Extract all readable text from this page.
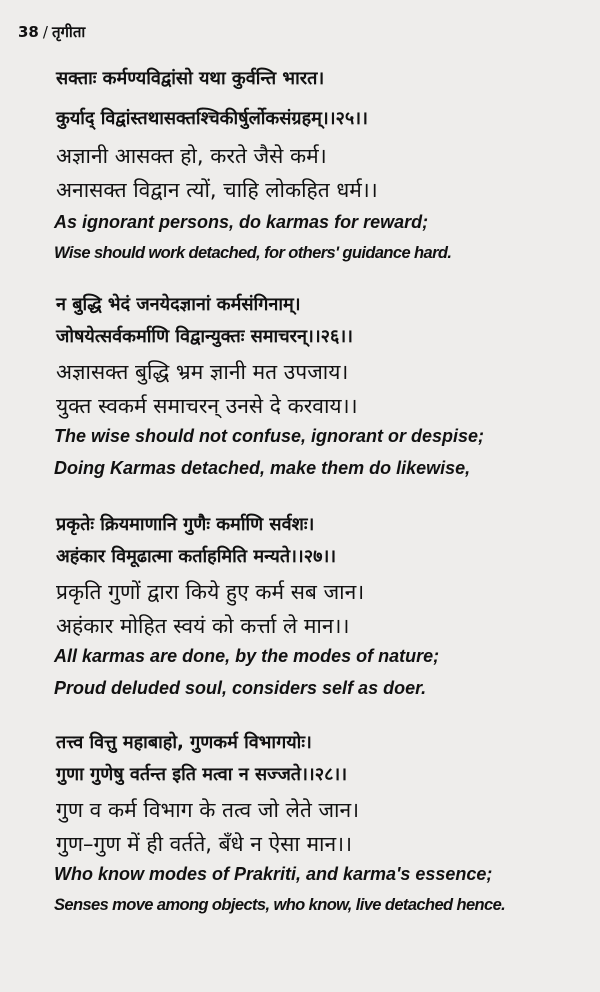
38 / तृगीता
सक्ताः कर्मण्यविद्वांसो यथा कुर्वन्ति भारत।
कुर्याद् विद्वांस्तथासक्तश्चिकीर्षुर्लोकसंग्रहम्।।२५।।
अज्ञानी आसक्त हो, करते जैसे कर्म।
अनासक्त विद्वान त्यों, चाहि लोकहित धर्म।।
As ignorant persons, do karmas for reward;
Wise should work detached, for others' guidance hard.
न बुद्धि भेदं जनयेदज्ञानां कर्मसंगिनाम्।
जोषयेत्सर्वकर्माणि विद्वान्युक्तः समाचरन्।।२६।।
अज्ञासक्त बुद्धि भ्रम ज्ञानी मत उपजाय।
युक्त स्वकर्म समाचरन् उनसे दे करवाय।।
The wise should not confuse, ignorant or despise;
Doing Karmas detached, make them do likewise,
प्रकृतेः क्रियमाणानि गुणैः कर्माणि सर्वशः।
अहंकार विमूढात्मा कर्ताहमिति मन्यते।।२७।।
प्रकृति गुणों द्वारा किये हुए कर्म सब जान।
अहंकार मोहित स्वयं को कर्त्ता ले मान।।
All karmas are done, by the modes of nature;
Proud deluded soul, considers self as doer.
तत्त्व वित्तु महाबाहो, गुणकर्म विभागयोः।
गुणा गुणेषु वर्तन्त इति मत्वा न सज्जते।।२८।।
गुण व कर्म विभाग के तत्व जो लेते जान।
गुण–गुण में ही वर्तते, बँधे न ऐसा मान।।
Who know modes of Prakriti, and karma's essence;
Senses move among objects, who know, live detached hence.
